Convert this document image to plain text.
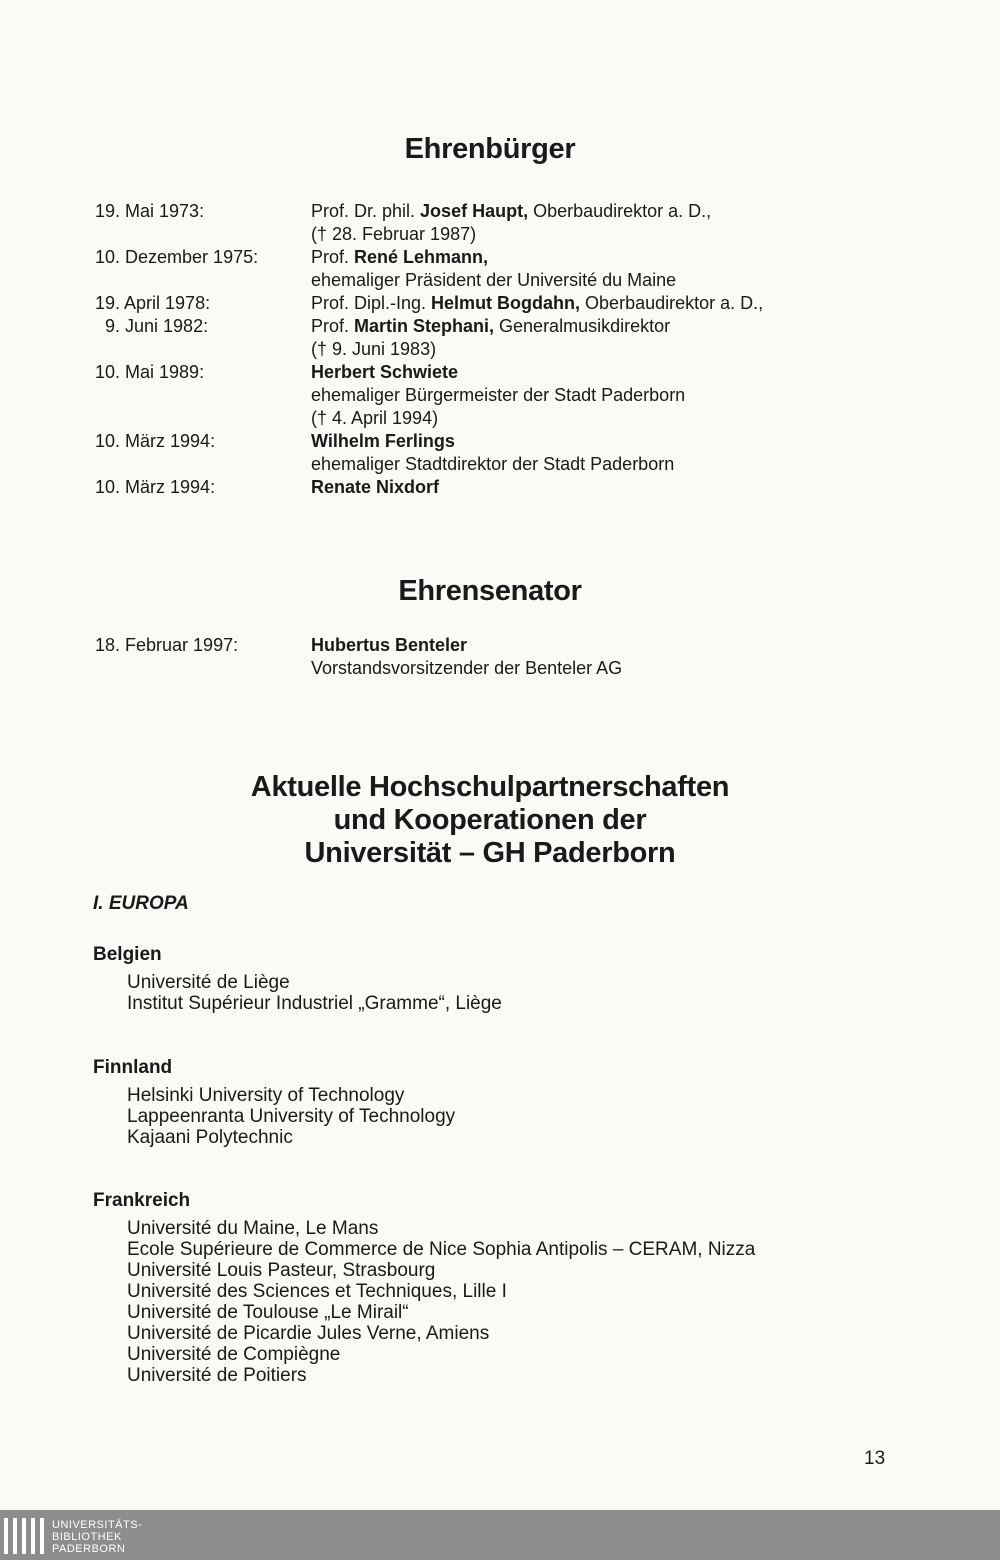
Ehrenbürger
19. Mai 1973:	Prof. Dr. phil. Josef Haupt, Oberbaudirektor a. D.,
(† 28. Februar 1987)
10. Dezember 1975:	Prof. René Lehmann,
ehemaliger Präsident der Université du Maine
19. April 1978:	Prof. Dipl.-Ing. Helmut Bogdahn, Oberbaudirektor a. D.,
9. Juni 1982:	Prof. Martin Stephani, Generalmusikdirektor
(† 9. Juni 1983)
10. Mai 1989:	Herbert Schwiete
ehemaliger Bürgermeister der Stadt Paderborn
(† 4. April 1994)
10. März 1994:	Wilhelm Ferlings
ehemaliger Stadtdirektor der Stadt Paderborn
10. März 1994:	Renate Nixdorf
Ehrensenator
18. Februar 1997:	Hubertus Benteler
Vorstandsvorsitzender der Benteler AG
Aktuelle Hochschulpartnerschaften
und Kooperationen der
Universität – GH Paderborn
I. EUROPA
Belgien
Université de Liège
Institut Supérieur Industriel „Gramme“, Liège
Finnland
Helsinki University of Technology
Lappeenranta University of Technology
Kajaani Polytechnic
Frankreich
Université du Maine, Le Mans
Ecole Supérieure de Commerce de Nice Sophia Antipolis – CERAM, Nizza
Université Louis Pasteur, Strasbourg
Université des Sciences et Techniques, Lille I
Université de Toulouse „Le Mirail“
Université de Picardie Jules Verne, Amiens
Université de Compiègne
Université de Poitiers
13
UNIVERSITÄTS-
BIBLIOTHEK
PADERBORN
